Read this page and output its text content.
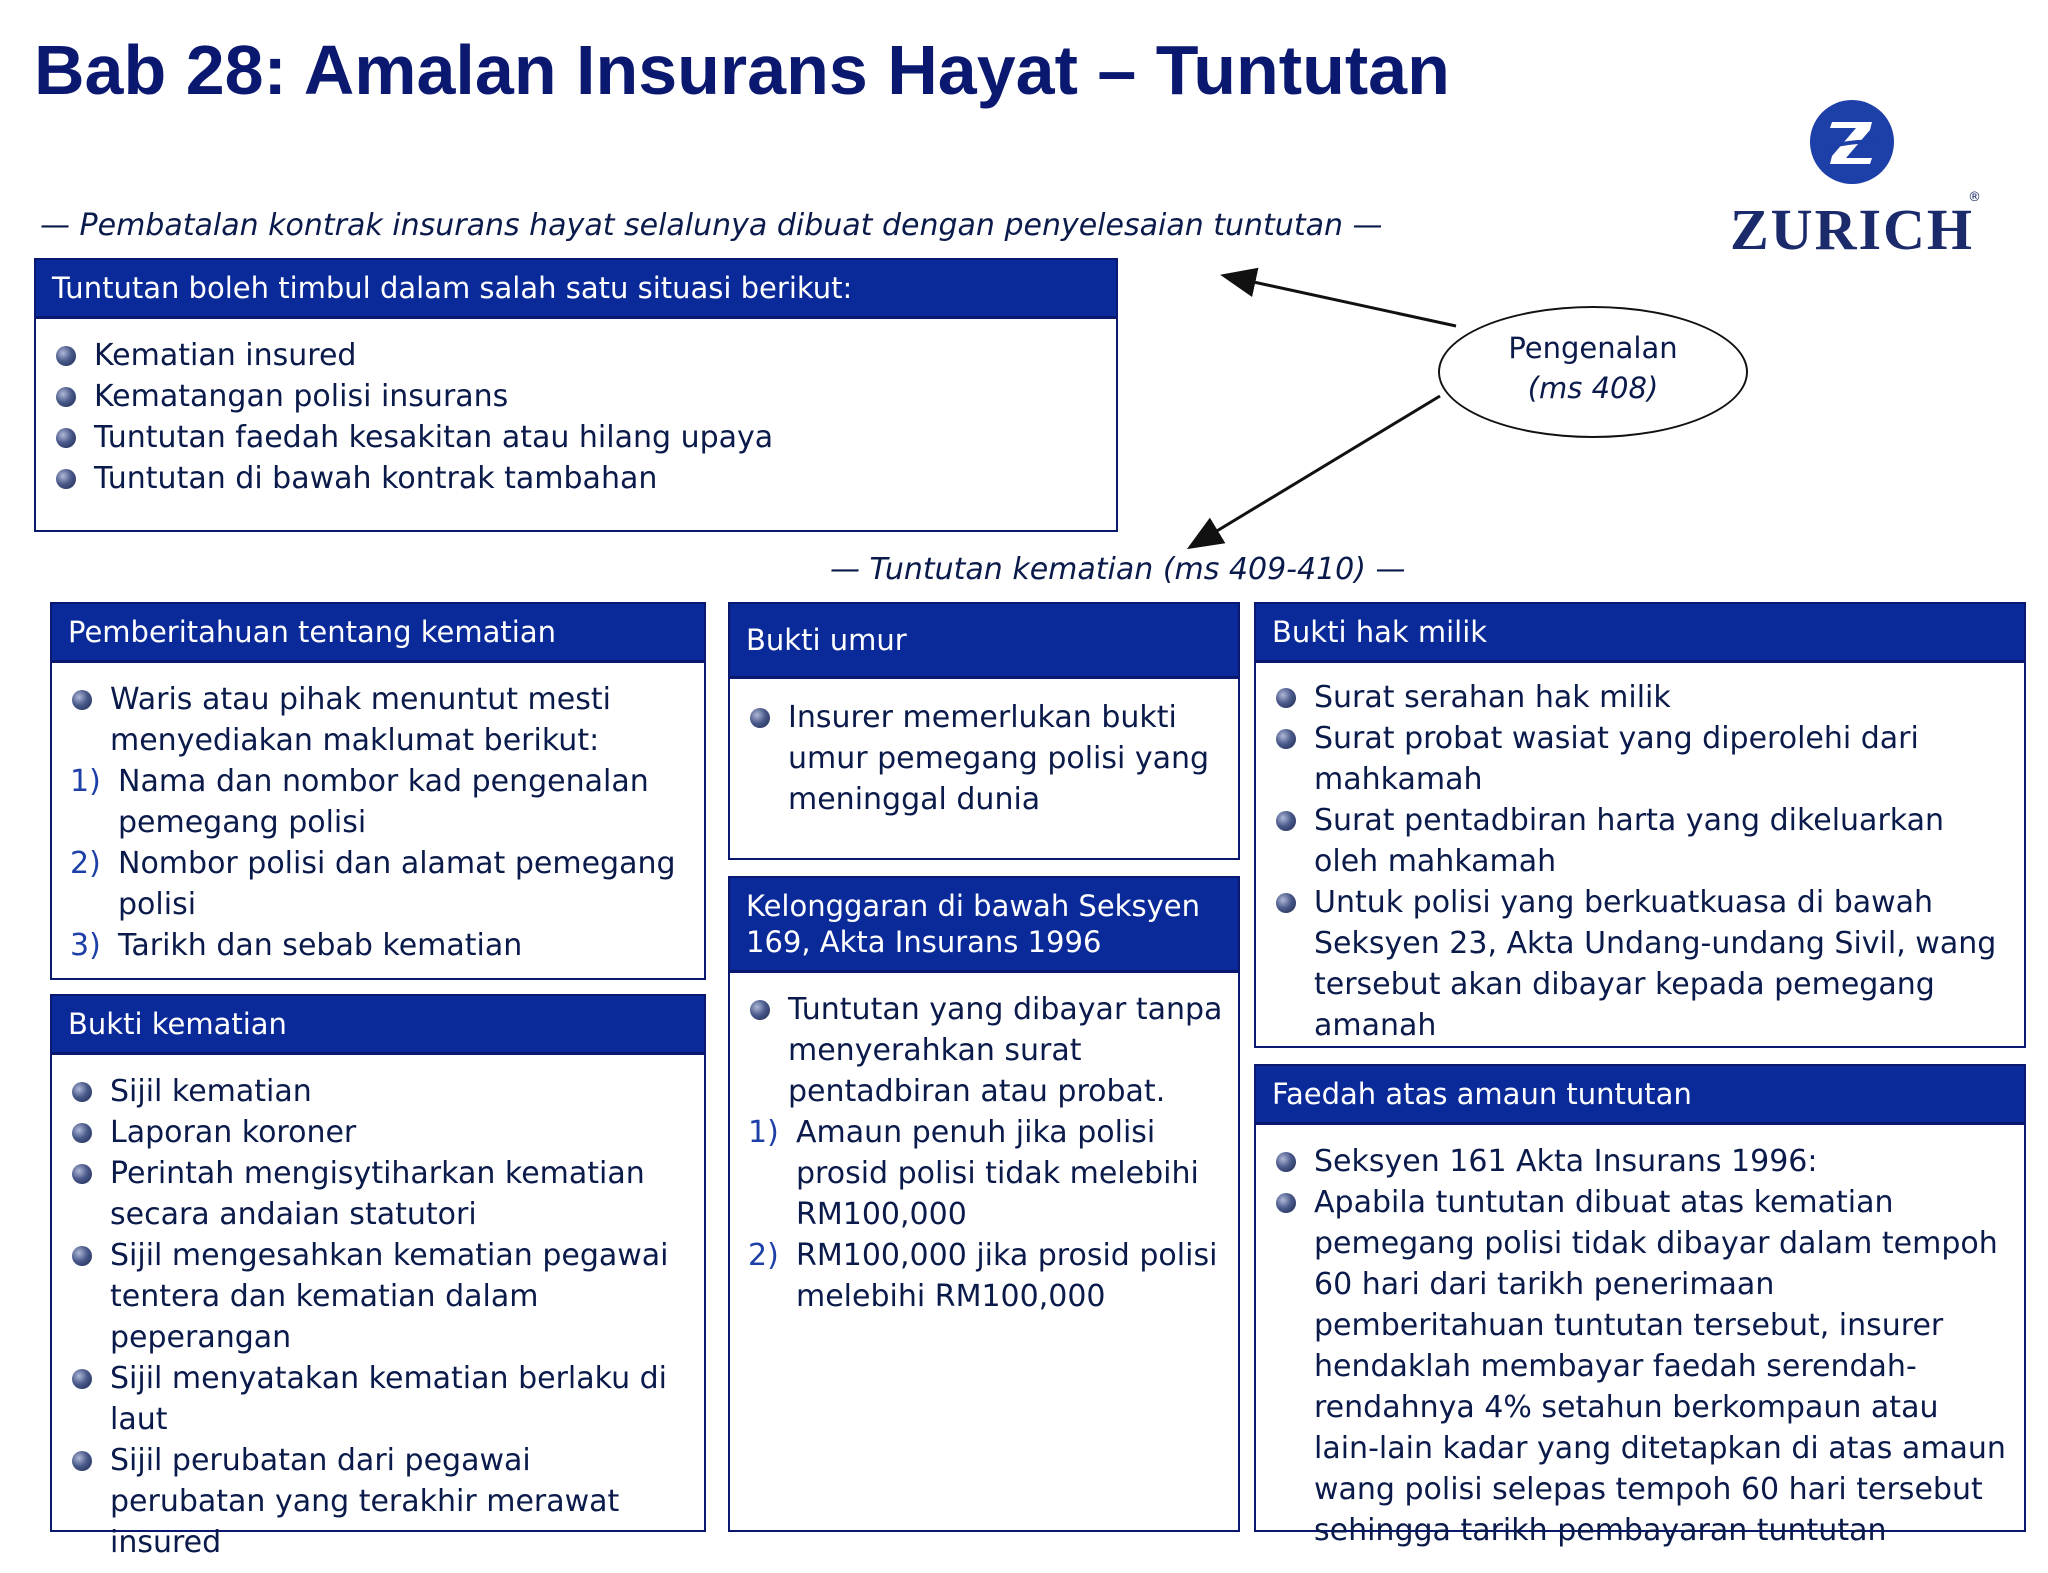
Bab 28: Amalan Insurans Hayat – Tuntutan
ZURICH
®
— Pembatalan kontrak insurans hayat selalunya dibuat dengan penyelesaian tuntutan —
— Tuntutan kematian (ms 409-410) —
Tuntutan boleh timbul dalam salah satu situasi berikut:
Kematian insured
Kematangan polisi insurans
Tuntutan faedah kesakitan atau hilang upaya
Tuntutan di bawah kontrak tambahan
Pengenalan
(ms 408)
Pemberitahuan tentang kematian
Waris atau pihak menuntut mesti menyediakan maklumat berikut:
1) Nama dan nombor kad pengenalan pemegang polisi
2) Nombor polisi dan alamat pemegang polisi
3) Tarikh dan sebab kematian
Bukti kematian
Sijil kematian
Laporan koroner
Perintah mengisytiharkan kematian secara andaian statutori
Sijil mengesahkan kematian pegawai tentera dan kematian dalam peperangan
Sijil menyatakan kematian berlaku di laut
Sijil perubatan dari pegawai perubatan yang terakhir merawat insured
Bukti umur
Insurer memerlukan bukti umur pemegang polisi yang meninggal dunia
Kelonggaran di bawah Seksyen 169, Akta Insurans 1996
Tuntutan yang dibayar tanpa menyerahkan surat pentadbiran atau probat.
1) Amaun penuh jika polisi prosid polisi tidak melebihi RM100,000
2) RM100,000 jika prosid polisi melebihi RM100,000
Bukti hak milik
Surat serahan hak milik
Surat probat wasiat yang diperolehi dari mahkamah
Surat pentadbiran harta yang dikeluarkan oleh mahkamah
Untuk polisi yang berkuatkuasa di bawah Seksyen 23, Akta Undang-undang Sivil, wang tersebut akan dibayar kepada pemegang amanah
Faedah atas amaun tuntutan
Seksyen 161 Akta Insurans 1996:
Apabila tuntutan dibuat atas kematian pemegang polisi tidak dibayar dalam tempoh 60 hari dari tarikh penerimaan pemberitahuan tuntutan tersebut, insurer hendaklah membayar faedah serendah-rendahnya 4% setahun berkompaun atau lain-lain kadar yang ditetapkan di atas amaun wang polisi selepas tempoh 60 hari tersebut sehingga tarikh pembayaran tuntutan
